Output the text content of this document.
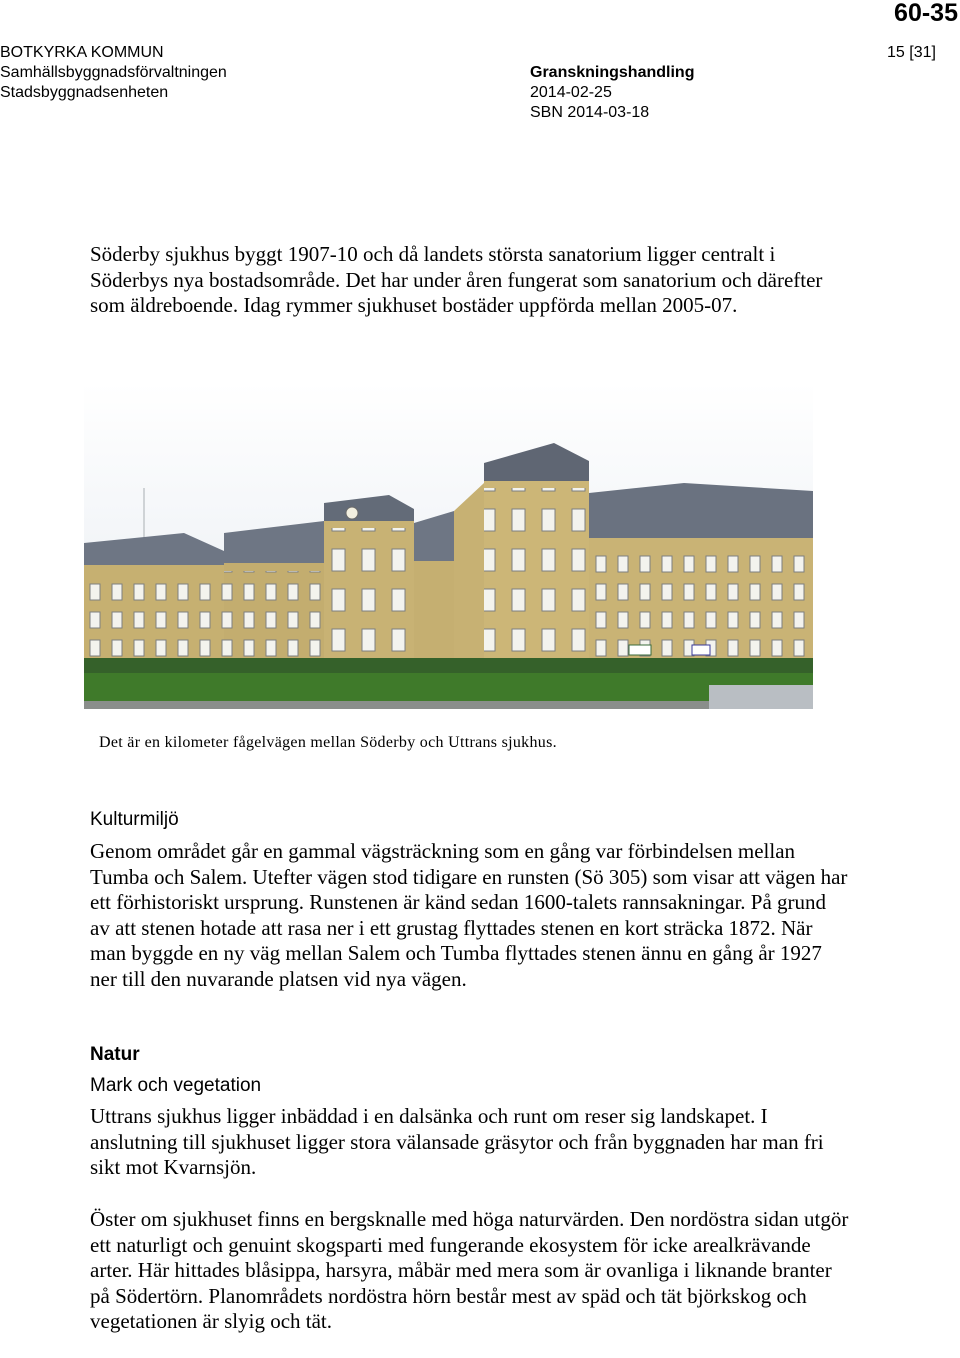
60-35
BOTKYRKA KOMMUN
Samhällsbyggnadsförvaltningen
Stadsbyggnadsenheten
Granskningshandling
2014-02-25
SBN 2014-03-18
15 [31]

Söderby sjukhus byggt 1907-10 och då landets största sanatorium ligger centralt i Söderbys nya bostadsområde. Det har under åren fungerat som sanatorium och därefter som äldreboende. Idag rymmer sjukhuset bostäder uppförda mellan 2005-07.

Det är en kilometer fågelvägen mellan Söderby och Uttrans sjukhus.
Kulturmiljö

Genom området går en gammal vägsträckning som en gång var förbindelsen mellan Tumba och Salem. Utefter vägen stod tidigare en runsten (Sö 305) som visar att vägen har ett förhistoriskt ursprung. Runstenen är känd sedan 1600-talets rannsakningar. På grund av att stenen hotade att rasa ner i ett grustag flyttades stenen en kort sträcka 1872. När man byggde en ny väg mellan Salem och Tumba flyttades stenen ännu en gång år 1927 ner till den nuvarande platsen vid nya vägen.

Natur
Mark och vegetation

Uttrans sjukhus ligger inbäddad i en dalsänka och runt om reser sig landskapet. I anslutning till sjukhuset ligger stora välansade gräsytor och från byggnaden har man fri sikt mot Kvarnsjön.

Öster om sjukhuset finns en bergsknalle med höga naturvärden. Den nordöstra sidan utgör ett naturligt och genuint skogsparti med fungerande ekosystem för icke arealkrävande arter. Här hittades blåsippa, harsyra, måbär med mera som är ovanliga i liknande branter på Södertörn. Planområdets nordöstra hörn består mest av späd och tät björkskog och vegetationen är slyig och tät.
